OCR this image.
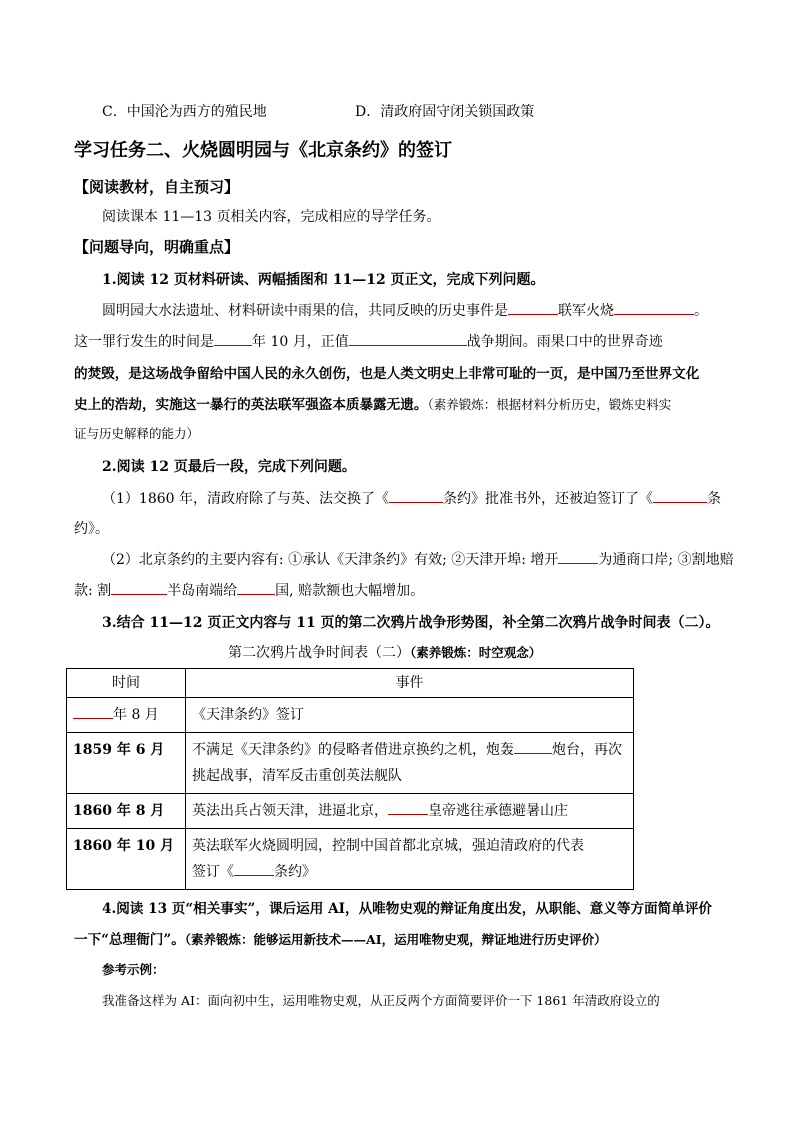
C．中国沦为西方的殖民地	D．清政府固守闭关锁国政策
学习任务二、火烧圆明园与《北京条约》的签订
【阅读教材，自主预习】
阅读课本 11—13 页相关内容，完成相应的导学任务。
【问题导向，明确重点】
1.阅读 12 页材料研读、两幅插图和 11—12 页正文，完成下列问题。
圆明园大水法遗址、材料研读中雨果的信，共同反映的历史事件是	联军火烧	。
这一罪行发生的时间是	年 10 月，正值	战争期间。雨果口中的世界奇迹
的焚毁，是这场战争留给中国人民的永久创伤，也是人类文明史上非常可耻的一页，是中国乃至世界文化
史上的浩劫，实施这一暴行的英法联军强盗本质暴露无遗。（素养锻炼：根据材料分析历史，锻炼史料实
证与历史解释的能力）
2.阅读 12 页最后一段，完成下列问题。
（1）1860 年，清政府除了与英、法交换了《	条约》批准书外，还被迫签订了《	条
约》。
（2）北京条约的主要内容有: ①承认《天津条约》有效; ②天津开埠: 增开	为通商口岸; ③割地赔
款: 割	半岛南端给	国, 赔款额也大幅增加。
3.结合 11—12 页正文内容与 11 页的第二次鸦片战争形势图，补全第二次鸦片战争时间表（二）。
第二次鸦片战争时间表（二）（素养锻炼：时空观念）
时间	事件
年 8 月	《天津条约》签订
1859 年 6 月	不满足《天津条约》的侵略者借进京换约之机，炮轰 炮台，再次
挑起战事，清军反击重创英法舰队
1860 年 8 月	英法出兵占领天津，进逼北京， 皇帝逃往承德避暑山庄
1860 年 10 月	英法联军火烧圆明园，控制中国首都北京城，强迫清政府的代表
签订《 条约》
4.阅读 13 页“相关事实”，课后运用 AI，从唯物史观的辩证角度出发，从职能、意义等方面简单评价
一下“总理衙门”。（素养锻炼：能够运用新技术——AI，运用唯物史观，辩证地进行历史评价）
参考示例：
我准备这样为 AI：面向初中生，运用唯物史观，从正反两个方面简要评价一下 1861 年清政府设立的
